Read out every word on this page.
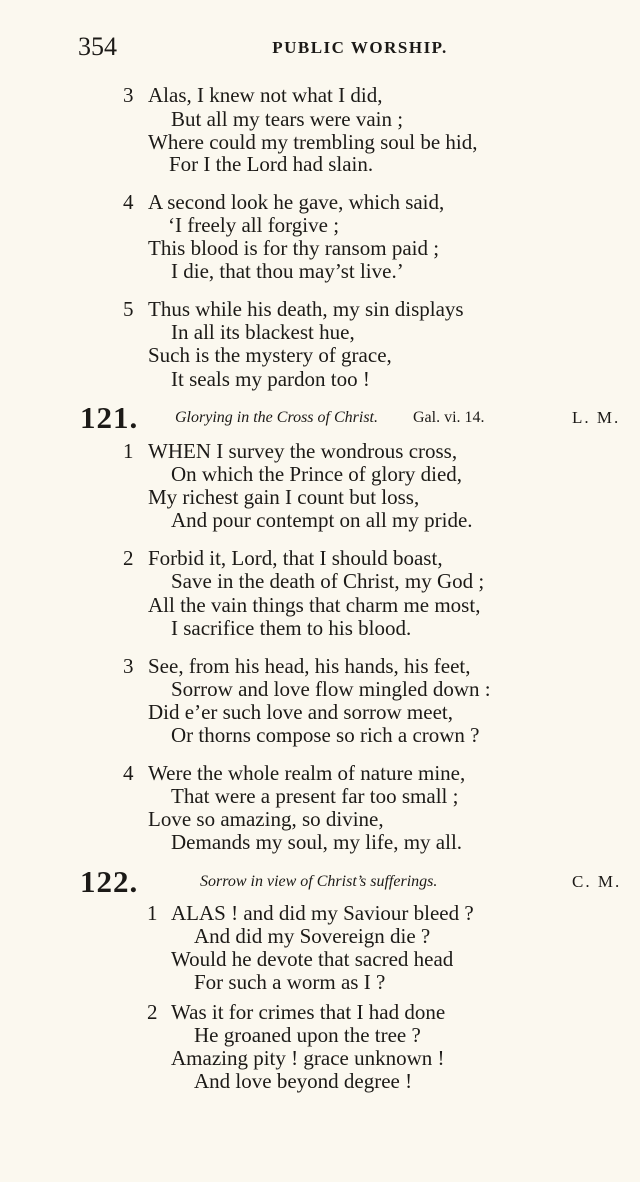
354	PUBLIC WORSHIP.
3 Alas, I knew not what I did,
But all my tears were vain ;
Where could my trembling soul be hid,
For I the Lord had slain.
4 A second look he gave, which said,
‘I freely all forgive ;
This blood is for thy ransom paid ;
I die, that thou may’st live.’
5 Thus while his death, my sin displays
In all its blackest hue,
Such is the mystery of grace,
It seals my pardon too !
121. Glorying in the Cross of Christ. Gal. vi. 14.	L. M.
1 WHEN I survey the wondrous cross,
On which the Prince of glory died,
My richest gain I count but loss,
And pour contempt on all my pride.
2 Forbid it, Lord, that I should boast,
Save in the death of Christ, my God ;
All the vain things that charm me most,
I sacrifice them to his blood.
3 See, from his head, his hands, his feet,
Sorrow and love flow mingled down :
Did e’er such love and sorrow meet,
Or thorns compose so rich a crown ?
4 Were the whole realm of nature mine,
That were a present far too small ;
Love so amazing, so divine,
Demands my soul, my life, my all.
122.	Sorrow in view of Christ’s sufferings.	C. M.
1 ALAS ! and did my Saviour bleed ?
And did my Sovereign die ?
Would he devote that sacred head
For such a worm as I ?
2 Was it for crimes that I had done
He groaned upon the tree ?
Amazing pity ! grace unknown !
And love beyond degree !
